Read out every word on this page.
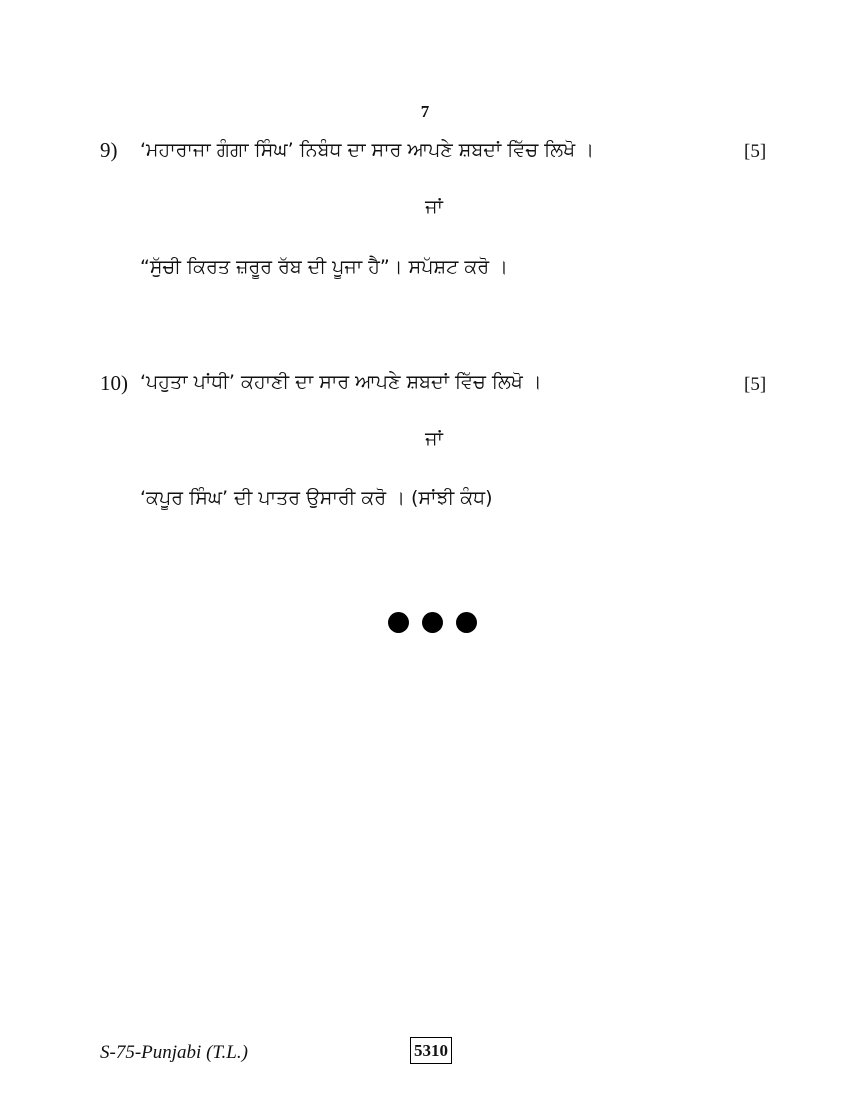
7
9) ‘ਮਹਾਰਾਜਾ ਗੰਗਾ ਸਿੰਘ’ ਨਿਬੰਧ ਦਾ ਸਾਰ ਆਪਣੇ ਸ਼ਬਦਾਂ ਵਿੱਚ ਲਿਖੋ ।	[5]
ਜਾਂ
“ਸੁੱਚੀ ਕਿਰਤ ਜ਼ਰੂਰ ਰੱਬ ਦੀ ਪੂਜਾ ਹੈ”। ਸਪੱਸ਼ਟ ਕਰੋ ।
10) ‘ਪਹੁਤਾ ਪਾਂਧੀ’ ਕਹਾਣੀ ਦਾ ਸਾਰ ਆਪਣੇ ਸ਼ਬਦਾਂ ਵਿੱਚ ਲਿਖੋ ।	[5]
ਜਾਂ
‘ਕਪੂਰ ਸਿੰਘ’ ਦੀ ਪਾਤਰ ਉਸਾਰੀ ਕਰੋ । (ਸਾਂਝੀ ਕੰਧ)
S-75-Punjabi (T.L.)	5310
